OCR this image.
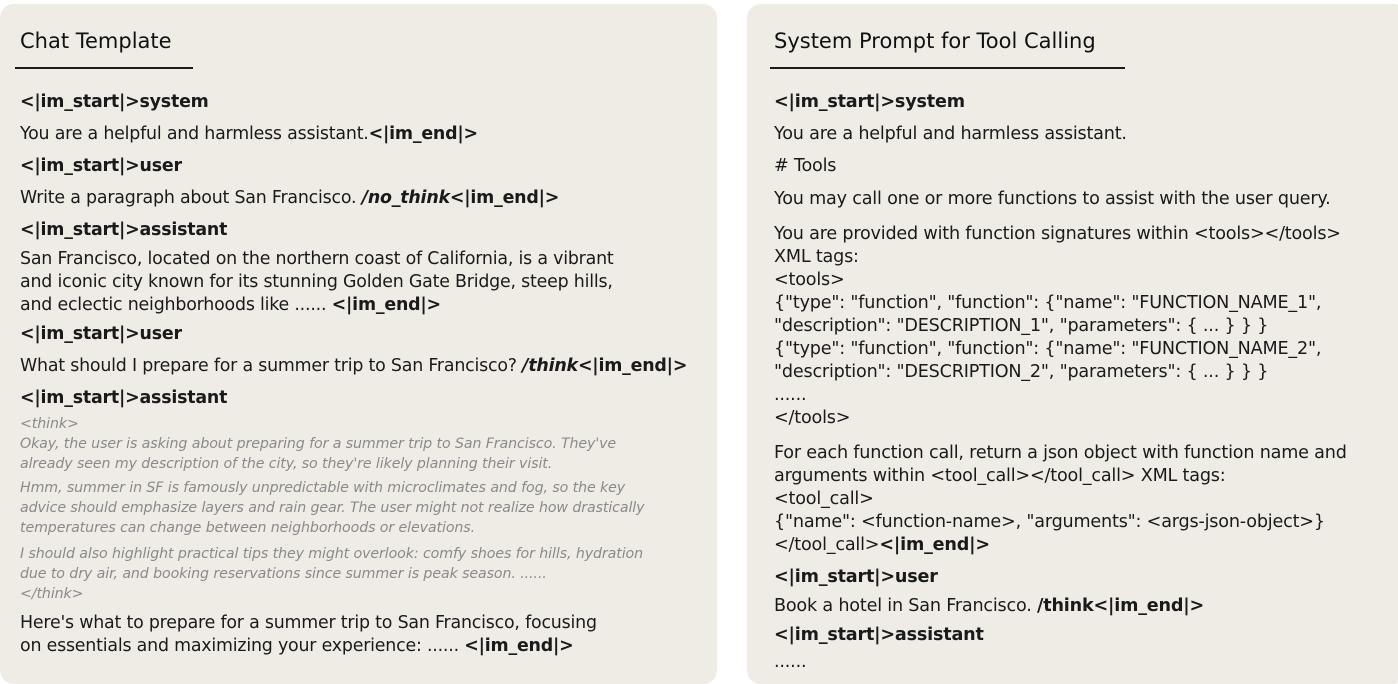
Chat Template
<|im_start|>system
You are a helpful and harmless assistant.<|im_end|>
<|im_start|>user
Write a paragraph about San Francisco. /no_think<|im_end|>
<|im_start|>assistant
San Francisco, located on the northern coast of California, is a vibrant
and iconic city known for its stunning Golden Gate Bridge, steep hills,
and eclectic neighborhoods like ...... <|im_end|>
<|im_start|>user
What should I prepare for a summer trip to San Francisco? /think<|im_end|>
<|im_start|>assistant
<think>
Okay, the user is asking about preparing for a summer trip to San Francisco. They've
already seen my description of the city, so they're likely planning their visit.
Hmm, summer in SF is famously unpredictable with microclimates and fog, so the key
advice should emphasize layers and rain gear. The user might not realize how drastically
temperatures can change between neighborhoods or elevations.
I should also highlight practical tips they might overlook: comfy shoes for hills, hydration
due to dry air, and booking reservations since summer is peak season. ......
</think>
Here's what to prepare for a summer trip to San Francisco, focusing
on essentials and maximizing your experience: ...... <|im_end|>
System Prompt for Tool Calling
<|im_start|>system
You are a helpful and harmless assistant.
# Tools
You may call one or more functions to assist with the user query.
You are provided with function signatures within <tools></tools>
XML tags:
<tools>
{"type": "function", "function": {"name": "FUNCTION_NAME_1",
"description": "DESCRIPTION_1", "parameters": { ... } } }
{"type": "function", "function": {"name": "FUNCTION_NAME_2",
"description": "DESCRIPTION_2", "parameters": { ... } } }
......
</tools>
For each function call, return a json object with function name and
arguments within <tool_call></tool_call> XML tags:
<tool_call>
{"name": <function-name>, "arguments": <args-json-object>}
</tool_call><|im_end|>
<|im_start|>user
Book a hotel in San Francisco. /think<|im_end|>
<|im_start|>assistant
......
